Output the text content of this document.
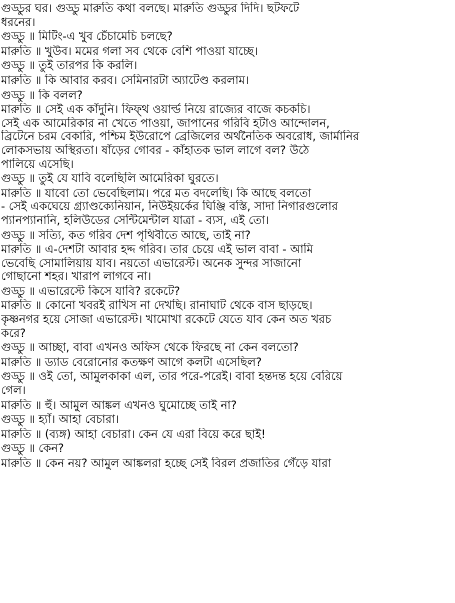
গুড্ডুর ঘর। গুড্ডু মারুতি কথা বলছে। মারুতি গুড্ডুর দিদি। ছটফটে
ধরনের।
গুড্ডু ॥ মিটিং-এ খুব চেঁচামেচি চলছে?
মারুতি ॥ খুউব। মমের গলা সব থেকে বেশি পাওয়া যাচ্ছে।
গুড্ডু ॥ তুই তারপর কি করলি।
মারুতি ॥ কি আবার করব। সেমিনারটা অ্যাটেণ্ড করলাম।
গুড্ডু ॥ কি বলল?
মারুতি ॥ সেই এক কাঁদুনি। ফিফ্থ ওয়ার্ল্ড নিয়ে রাজ্যের বাজে কচকচি।
সেই এক আমেরিকার না খেতে পাওয়া, জাপানের গরিবি হটাও আন্দোলন,
ব্রিটেনে চরম বেকারি, পশ্চিম ইউরোপে ব্রেজিলের অর্থনৈতিক অবরোধ, জার্মানির
লোকসভায় অস্থিরতা। ষাঁড়ের গোবর - কাঁহাতক ভাল লাগে বল? উঠে
পালিয়ে এসেছি।
গুড্ডু ॥ তুই যে যাবি বলেছিলি আমেরিকা ঘুরতে।
মারুতি ॥ যাবো তো ভেবেছিলাম। পরে মত বদলেছি। কি আছে বলতো
- সেই একঘেয়ে গ্র্যাণ্ডক্যেনিয়ান, নিউইয়র্কের ঘিঞ্জি বস্তি, সাদা নিগারগুলোর
প্যানপ্যানানি, হলিউডের সেন্টিমেন্টাল যাত্রা - ব্যস, এই তো।
গুড্ডু ॥ সত্যি, কত গরিব দেশ পৃথিবীতে আছে, তাই না?
মারুতি ॥ এ-দেশটা আবার হদ্দ গরিব। তার চেয়ে এই ভাল বাবা - আমি
ভেবেছি সোমালিয়ায় যাব। নয়তো এভারেস্ট। অনেক সুন্দর সাজানো
গোছানো শহর। খারাপ লাগবে না।
গুড্ডু ॥ এভারেস্টে কিসে যাবি? রকেটে?
মারুতি ॥ কোনো খবরই রাখিস না দেখছি। রানাঘাট থেকে বাস ছাড়ছে।
কৃষ্ণনগর হয়ে সোজা এভারেস্ট। খামোখা রকেটে যেতে যাব কেন অত খরচ
করে?
গুড্ডু ॥ আচ্ছা, বাবা এখনও অফিস থেকে ফিরছে না কেন বলতো?
মারুতি ॥ ড্যাড বেরোনোর কতক্ষণ আগে কলটা এসেছিল?
গুড্ডু ॥ ওই তো, আমুলকাকা এল, তার পরে-পরেই। বাবা হন্তদন্ত হয়ে বেরিয়ে
গেল।
মারুতি ॥ হুঁ। আমুল আঙ্কল এখনও ঘুমোচ্ছে তাই না?
গুড্ডু ॥ হ্যাঁ। আহা বেচারা।
মারুতি ॥ (ব্যঙ্গ) আহা বেচারা। কেন যে এরা বিয়ে করে ছাই!
গুড্ডু ॥ কেন?
মারুতি ॥ কেন নয়? আমুল আঙ্কলরা হচ্ছে সেই বিরল প্রজাতির গেঁড়ে যারা
